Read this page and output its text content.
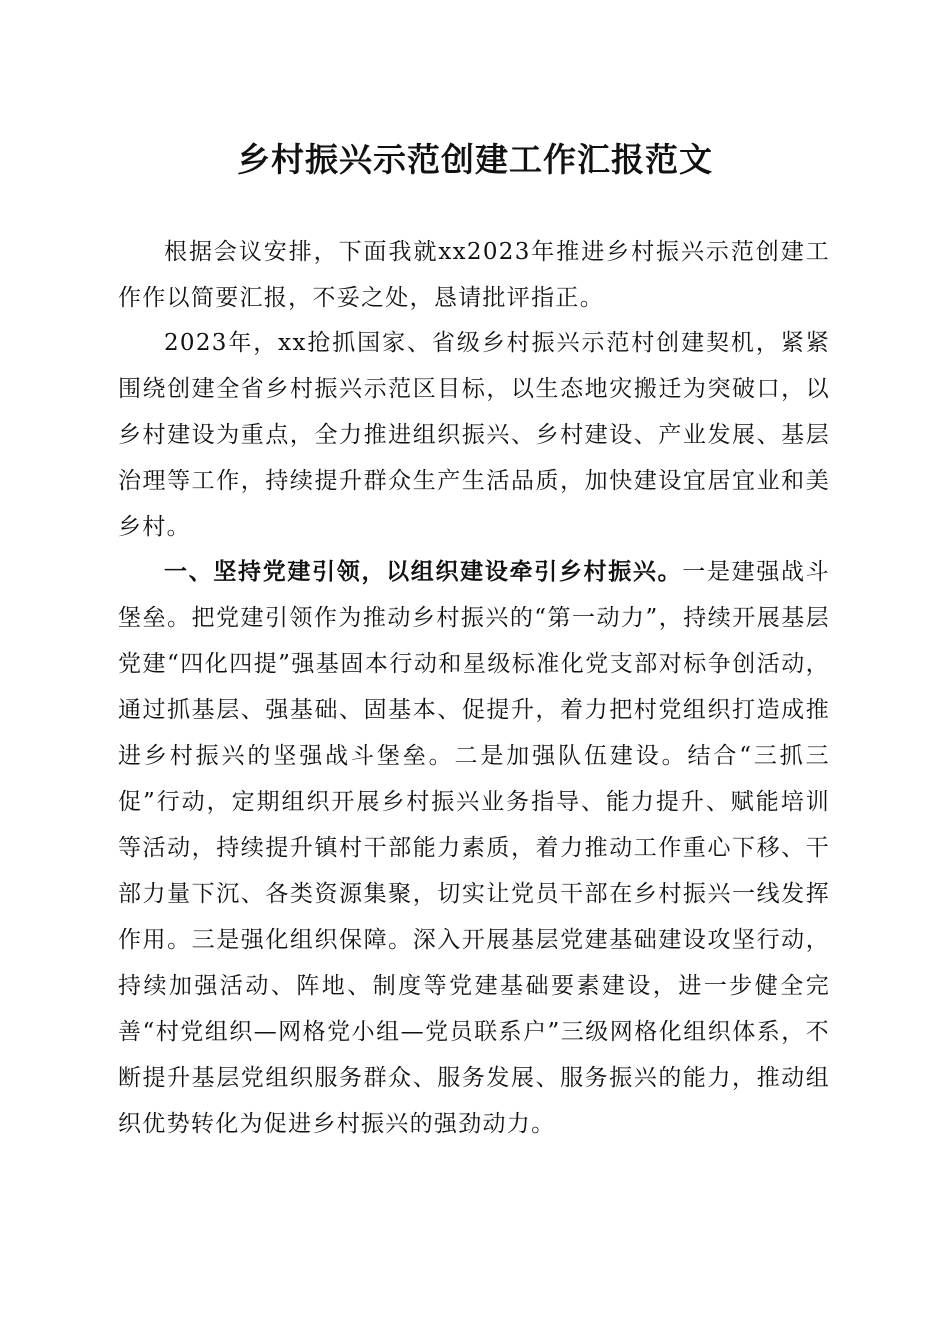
乡村振兴示范创建工作汇报范文

根据会议安排，下面我就xx2023年推进乡村振兴示范创建工作作以简要汇报，不妥之处，恳请批评指正。

2023年，xx抢抓国家、省级乡村振兴示范村创建契机，紧紧围绕创建全省乡村振兴示范区目标，以生态地灾搬迁为突破口，以乡村建设为重点，全力推进组织振兴、乡村建设、产业发展、基层治理等工作，持续提升群众生产生活品质，加快建设宜居宜业和美乡村。

一、坚持党建引领，以组织建设牵引乡村振兴。一是建强战斗堡垒。把党建引领作为推动乡村振兴的“第一动力”，持续开展基层党建“四化四提”强基固本行动和星级标准化党支部对标争创活动，通过抓基层、强基础、固基本、促提升，着力把村党组织打造成推进乡村振兴的坚强战斗堡垒。二是加强队伍建设。结合“三抓三促”行动，定期组织开展乡村振兴业务指导、能力提升、赋能培训等活动，持续提升镇村干部能力素质，着力推动工作重心下移、干部力量下沉、各类资源集聚，切实让党员干部在乡村振兴一线发挥作用。三是强化组织保障。深入开展基层党建基础建设攻坚行动，持续加强活动、阵地、制度等党建基础要素建设，进一步健全完善“村党组织—网格党小组—党员联系户”三级网格化组织体系，不断提升基层党组织服务群众、服务发展、服务振兴的能力，推动组织优势转化为促进乡村振兴的强劲动力。
